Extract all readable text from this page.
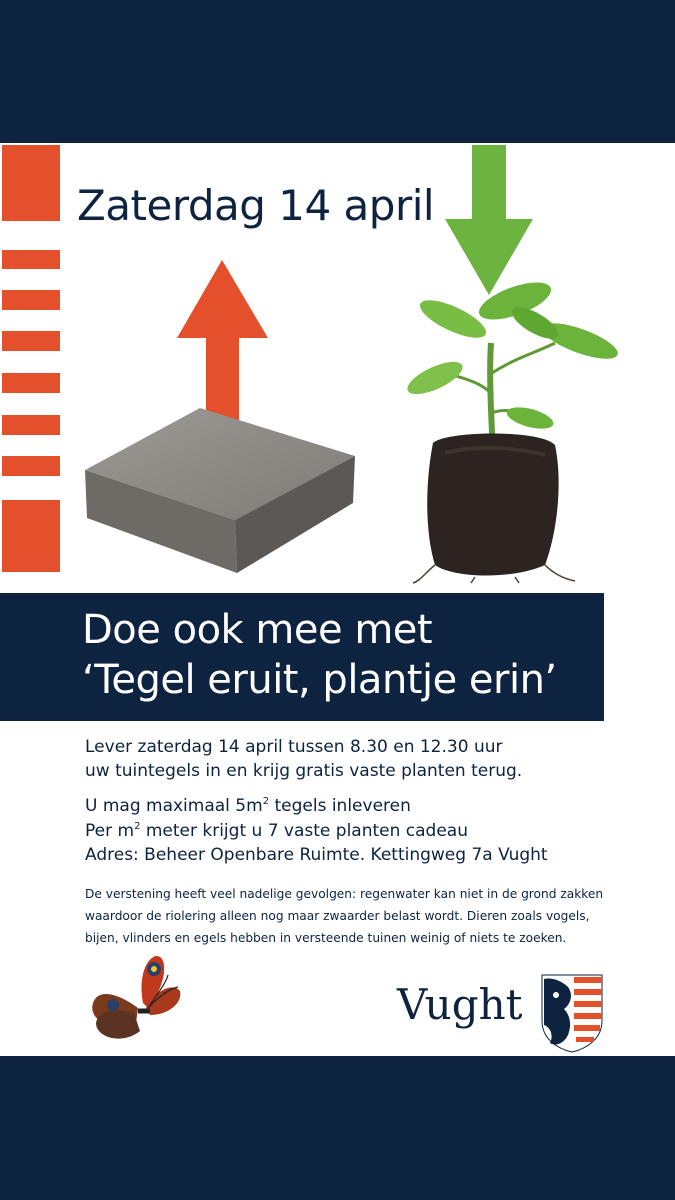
Zaterdag 14 april
Doe ook mee met
‘Tegel eruit, plantje erin’
Lever zaterdag 14 april tussen 8.30 en 12.30 uur
uw tuintegels in en krijg gratis vaste planten terug.
U mag maximaal $5m^2$ tegels inleveren
Per $m^2$ meter krijgt u 7 vaste planten cadeau
Adres: Beheer Openbare Ruimte. Kettingweg 7a Vught
De verstening heeft veel nadelige gevolgen: regenwater kan niet in de grond zakken
waardoor de riolering alleen nog maar zwaarder belast wordt. Dieren zoals vogels,
bijen, vlinders en egels hebben in versteende tuinen weinig of niets te zoeken.
Vught
